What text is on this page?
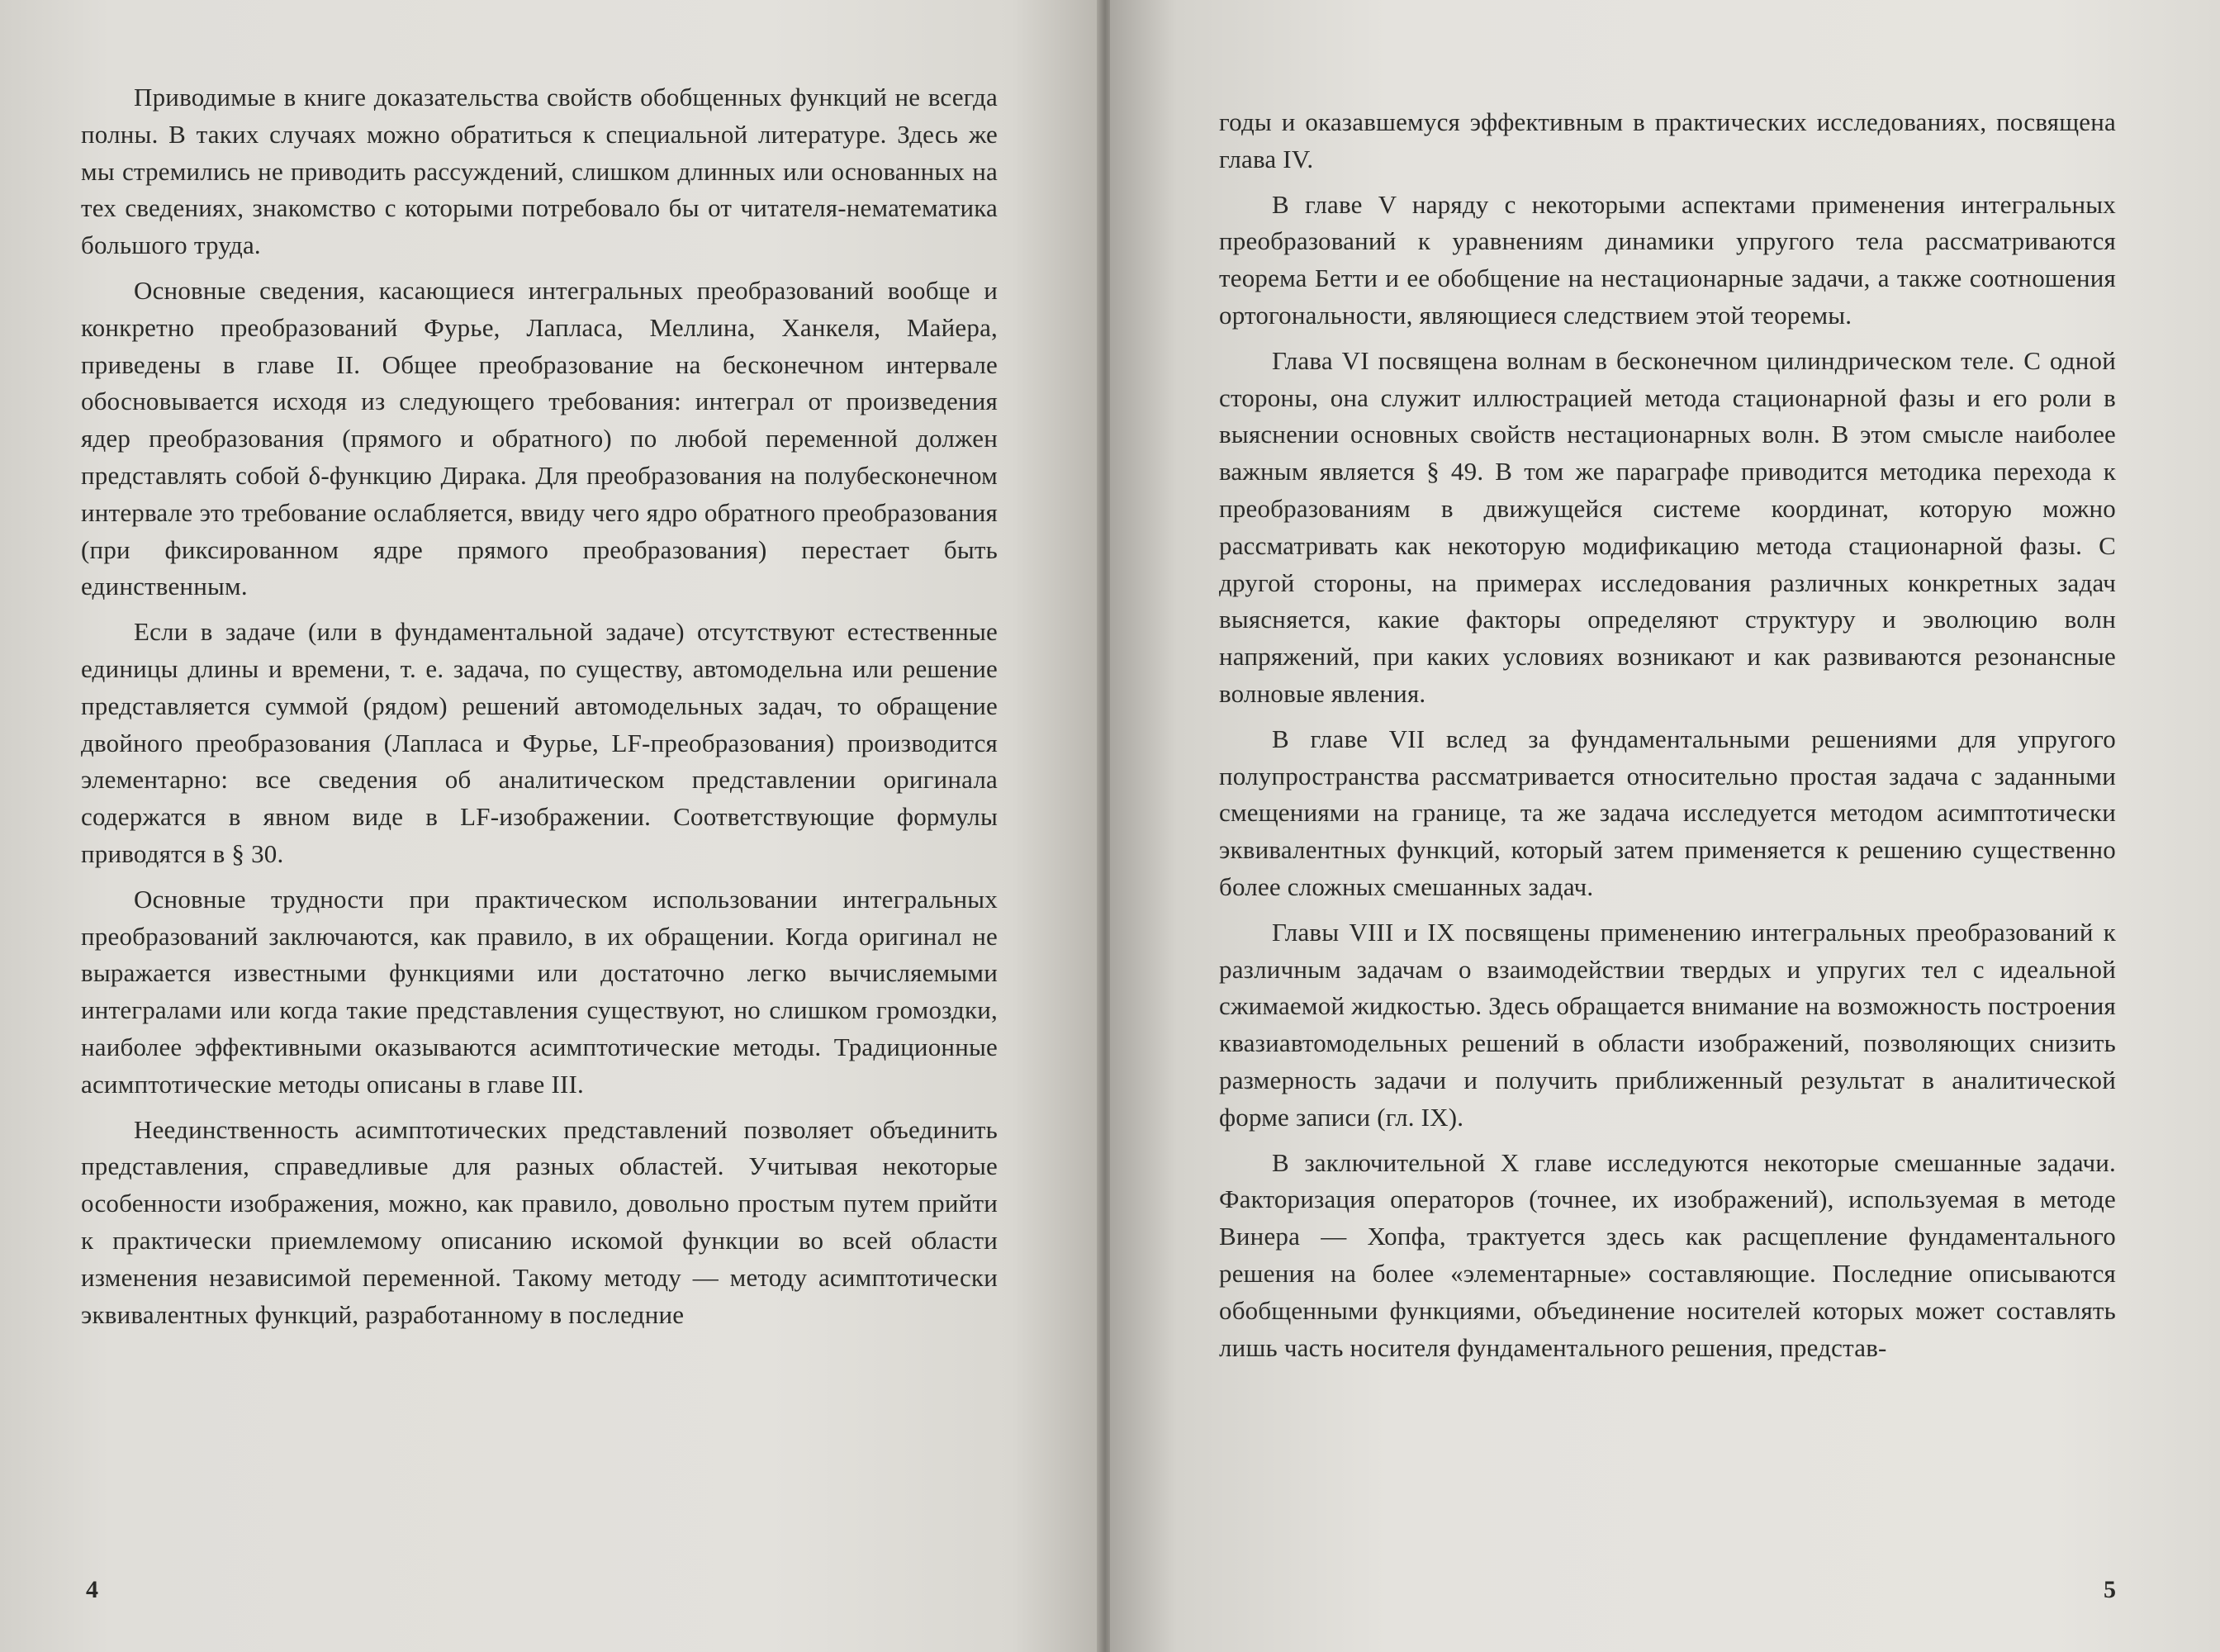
Приводимые в книге доказательства свойств обобщенных функций не всегда полны. В таких случаях можно обратиться к специальной литературе. Здесь же мы стремились не приводить рассуждений, слишком длинных или основанных на тех сведениях, знакомство с которыми потребовало бы от читателя-нематематика большого труда.

Основные сведения, касающиеся интегральных преобразований вообще и конкретно преобразований Фурье, Лапласа, Меллина, Ханкеля, Майера, приведены в главе II. Общее преобразование на бесконечном интервале обосновывается исходя из следующего требования: интеграл от произведения ядер преобразования (прямого и обратного) по любой переменной должен представлять собой δ-функцию Дирака. Для преобразования на полубесконечном интервале это требование ослабляется, ввиду чего ядро обратного преобразования (при фиксированном ядре прямого преобразования) перестает быть единственным.

Если в задаче (или в фундаментальной задаче) отсутствуют естественные единицы длины и времени, т. е. задача, по существу, автомодельна или решение представляется суммой (рядом) решений автомодельных задач, то обращение двойного преобразования (Лапласа и Фурье, LF-преобразования) производится элементарно: все сведения об аналитическом представлении оригинала содержатся в явном виде в LF-изображении. Соответствующие формулы приводятся в § 30.

Основные трудности при практическом использовании интегральных преобразований заключаются, как правило, в их обращении. Когда оригинал не выражается известными функциями или достаточно легко вычисляемыми интегралами или когда такие представления существуют, но слишком громоздки, наиболее эффективными оказываются асимптотические методы. Традиционные асимптотические методы описаны в главе III.

Неединственность асимптотических представлений позволяет объединить представления, справедливые для разных областей. Учитывая некоторые особенности изображения, можно, как правило, довольно простым путем прийти к практически приемлемому описанию искомой функции во всей области изменения независимой переменной. Такому методу — методу асимптотически эквивалентных функций, разработанному в последние

4

годы и оказавшемуся эффективным в практических исследованиях, посвящена глава IV.

В главе V наряду с некоторыми аспектами применения интегральных преобразований к уравнениям динамики упругого тела рассматриваются теорема Бетти и ее обобщение на нестационарные задачи, а также соотношения ортогональности, являющиеся следствием этой теоремы.

Глава VI посвящена волнам в бесконечном цилиндрическом теле. С одной стороны, она служит иллюстрацией метода стационарной фазы и его роли в выяснении основных свойств нестационарных волн. В этом смысле наиболее важным является § 49. В том же параграфе приводится методика перехода к преобразованиям в движущейся системе координат, которую можно рассматривать как некоторую модификацию метода стационарной фазы. С другой стороны, на примерах исследования различных конкретных задач выясняется, какие факторы определяют структуру и эволюцию волн напряжений, при каких условиях возникают и как развиваются резонансные волновые явления.

В главе VII вслед за фундаментальными решениями для упругого полупространства рассматривается относительно простая задача с заданными смещениями на границе, та же задача исследуется методом асимптотически эквивалентных функций, который затем применяется к решению существенно более сложных смешанных задач.

Главы VIII и IX посвящены применению интегральных преобразований к различным задачам о взаимодействии твердых и упругих тел с идеальной сжимаемой жидкостью. Здесь обращается внимание на возможность построения квазиавтомодельных решений в области изображений, позволяющих снизить размерность задачи и получить приближенный результат в аналитической форме записи (гл. IX).

В заключительной X главе исследуются некоторые смешанные задачи. Факторизация операторов (точнее, их изображений), используемая в методе Винера — Хопфа, трактуется здесь как расщепление фундаментального решения на более «элементарные» составляющие. Последние описываются обобщенными функциями, объединение носителей которых может составлять лишь часть носителя фундаментального решения, представ-

5
